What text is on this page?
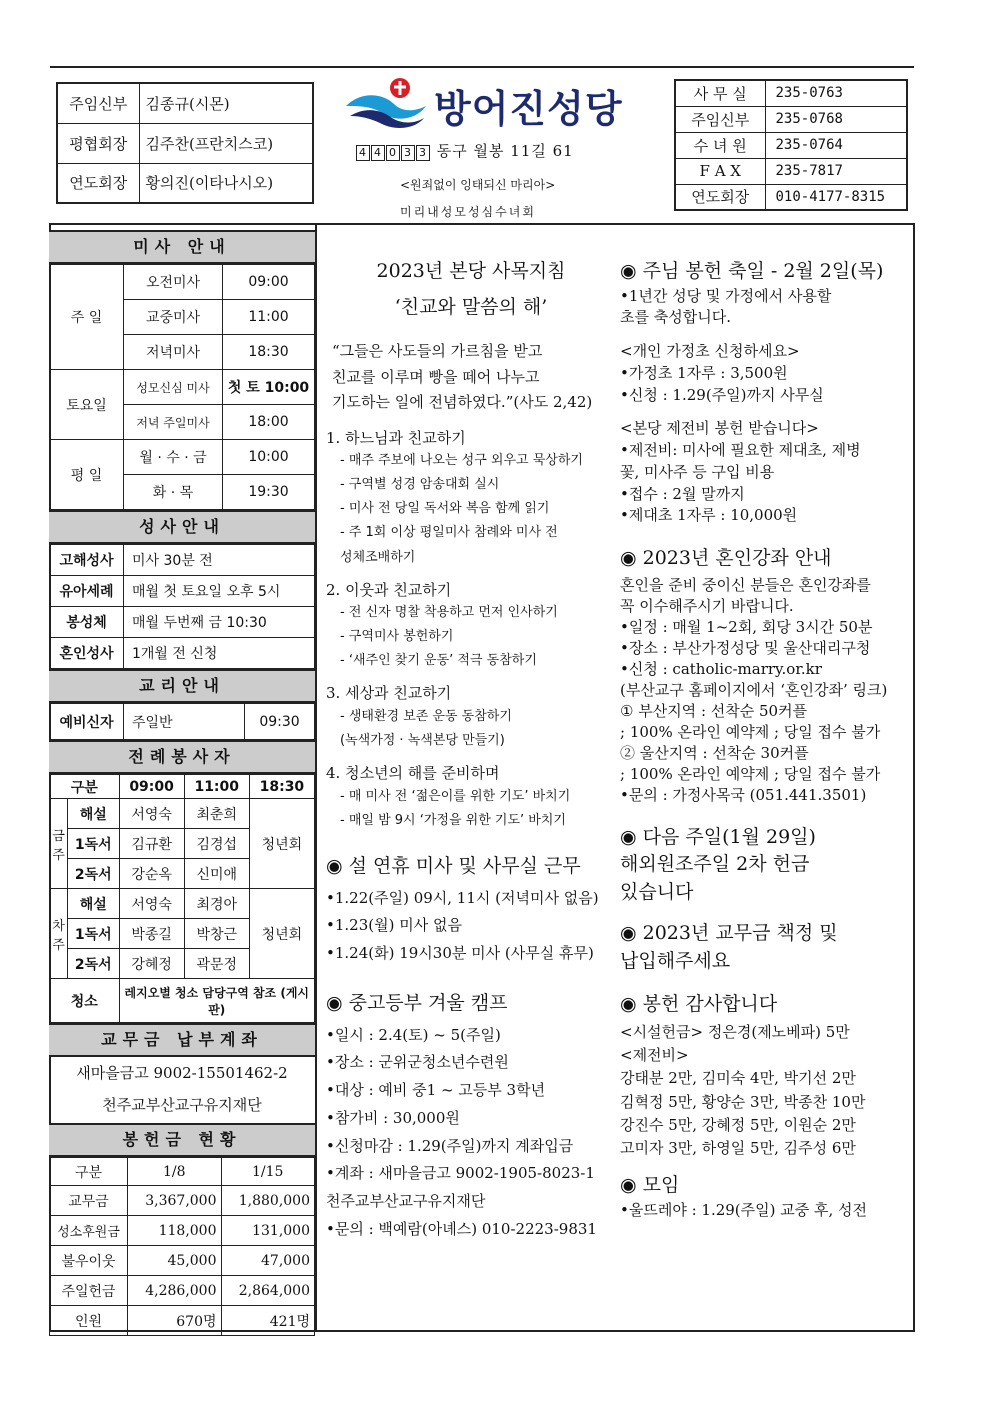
주임신부	김종규(시몬)
평협회장	김주찬(프란치스코)
연도회장	황의진(이타나시오)
방어진성당
4 4 0 3 3 동구 월봉 11길 61
<원죄없이 잉태되신 마리아>
미리내성모성심수녀회
사 무 실	235-0763
주임신부	235-0768
수 녀 원	235-0764
F A X	235-7817
연도회장	010-4177-8315
미사 안내
주 일	오전미사	09:00
	교중미사	11:00
	저녁미사	18:30
토요일	성모신심 미사	첫 토 10:00
	저녁 주일미사	18:00
평 일	월 · 수 · 금	10:00
	화 · 목	19:30
성사안내
고해성사	미사 30분 전
유아세례	매월 첫 토요일 오후 5시
봉성체	매월 두번째 금 10:30
혼인성사	1개월 전 신청
교리안내
예비신자	주일반	09:30
전례봉사자
구분		09:00	11:00	18:30
금주	해설	서영숙	최춘희	청년회
	1독서	김규환	김경섭	
	2독서	강순옥	신미애	
차주	해설	서영숙	최경아	청년회
	1독서	박종길	박창근	
	2독서	강혜정	곽문정	
청소		레지오별 청소 담당구역 참조 (게시판)		
교무금 납부계좌
새마을금고 9002-15501462-2
천주교부산교구유지재단
봉헌금 현황
구분	1/8	1/15
교무금	3,367,000	1,880,000
성소후원금	118,000	131,000
불우이웃	45,000	47,000
주일헌금	4,286,000	2,864,000
인원	670명	421명
2023년 본당 사목지침
‘친교와 말씀의 해’

“그들은 사도들의 가르침을 받고
친교를 이루며 빵을 떼어 나누고
기도하는 일에 전념하였다.”(사도 2,42)

1. 하느님과 친교하기

- 매주 주보에 나오는 성구 외우고 묵상하기

- 구역별 성경 암송대회 실시

- 미사 전 당일 독서와 복음 함께 읽기

- 주 1회 이상 평일미사 참례와 미사 전
성체조배하기

2. 이웃과 친교하기

- 전 신자 명찰 착용하고 먼저 인사하기

- 구역미사 봉헌하기

- ‘새주인 찾기 운동’ 적극 동참하기

3. 세상과 친교하기

- 생태환경 보존 운동 동참하기
(녹색가정 · 녹색본당 만들기)

4. 청소년의 해를 준비하며

- 매 미사 전 ‘젊은이를 위한 기도’ 바치기

- 매일 밤 9시 ‘가정을 위한 기도’ 바치기

◉ 설 연휴 미사 및 사무실 근무

•1.22(주일) 09시, 11시 (저녁미사 없음)
•1.23(월) 미사 없음
•1.24(화) 19시30분 미사 (사무실 휴무)

◉ 중고등부 겨울 캠프

•일시 : 2.4(토) ~ 5(주일)
•장소 : 군위군청소년수련원
•대상 : 예비 중1 ~ 고등부 3학년
•참가비 : 30,000원
•신청마감 : 1.29(주일)까지 계좌입금
•계좌 : 새마을금고 9002-1905-8023-1
천주교부산교구유지재단
•문의 : 백예람(아녜스) 010-2223-9831

◉ 주님 봉헌 축일 - 2월 2일(목)

•1년간 성당 및 가정에서 사용할
초를 축성합니다.

<개인 가정초 신청하세요>

•가정초 1자루 : 3,500원
•신청 : 1.29(주일)까지 사무실

<본당 제전비 봉헌 받습니다>

•제전비: 미사에 필요한 제대초, 제병
꽃, 미사주 등 구입 비용
•접수 : 2월 말까지
•제대초 1자루 : 10,000원

◉ 2023년 혼인강좌 안내

혼인을 준비 중이신 분들은 혼인강좌를
꼭 이수해주시기 바랍니다.
•일정 : 매월 1~2회, 회당 3시간 50분
•장소 : 부산가정성당 및 울산대리구청
•신청 : catholic-marry.or.kr
(부산교구 홈페이지에서 ‘혼인강좌’ 링크)
① 부산지역 : 선착순 50커플
; 100% 온라인 예약제 ; 당일 접수 불가
② 울산지역 : 선착순 30커플
; 100% 온라인 예약제 ; 당일 접수 불가
•문의 : 가정사목국 (051.441.3501)

◉ 다음 주일(1월 29일)
해외원조주일 2차 헌금
있습니다

◉ 2023년 교무금 책정 및
납입해주세요

◉ 봉헌 감사합니다

<시설헌금> 정은경(제노베파) 5만
<제전비>
강태분 2만, 김미숙 4만, 박기선 2만
김혁정 5만, 황양순 3만, 박종찬 10만
강진수 5만, 강혜정 5만, 이원순 2만
고미자 3만, 하영일 5만, 김주성 6만

◉ 모임

•울뜨레야 : 1.29(주일) 교중 후, 성전
